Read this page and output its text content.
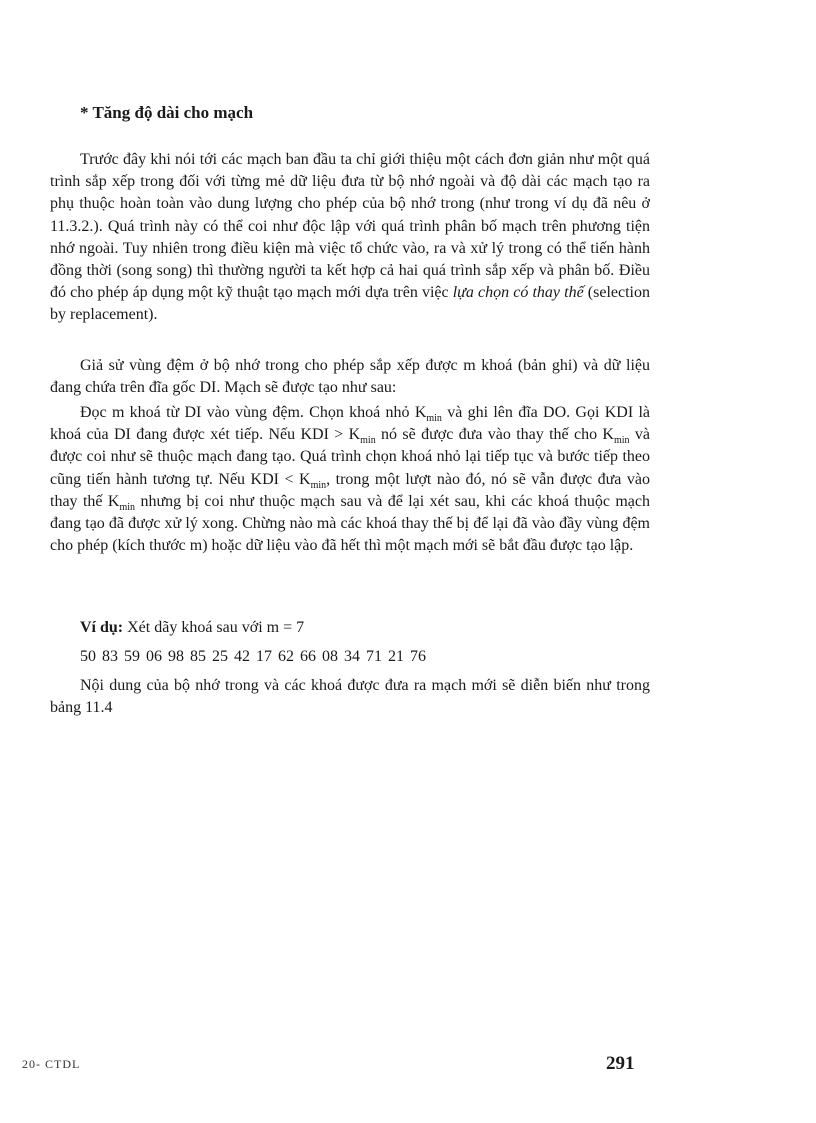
* Tăng độ dài cho mạch

Trước đây khi nói tới các mạch ban đầu ta chỉ giới thiệu một cách đơn giản như một quá trình sắp xếp trong đối với từng mẻ dữ liệu đưa từ bộ nhớ ngoài và độ dài các mạch tạo ra phụ thuộc hoàn toàn vào dung lượng cho phép của bộ nhớ trong (như trong ví dụ đã nêu ở 11.3.2.). Quá trình này có thể coi như độc lập với quá trình phân bố mạch trên phương tiện nhớ ngoài. Tuy nhiên trong điều kiện mà việc tổ chức vào, ra và xử lý trong có thể tiến hành đồng thời (song song) thì thường người ta kết hợp cả hai quá trình sắp xếp và phân bố. Điều đó cho phép áp dụng một kỹ thuật tạo mạch mới dựa trên việc lựa chọn có thay thế (selection by replacement).

Giả sử vùng đệm ở bộ nhớ trong cho phép sắp xếp được m khoá (bản ghi) và dữ liệu đang chứa trên đĩa gốc DI. Mạch sẽ được tạo như sau:

Đọc m khoá từ DI vào vùng đệm. Chọn khoá nhỏ $K_{min}$ và ghi lên đĩa DO. Gọi KDI là khoá của DI đang được xét tiếp. Nếu KDI > $K_{min}$ nó sẽ được đưa vào thay thế cho $K_{min}$ và được coi như sẽ thuộc mạch đang tạo. Quá trình chọn khoá nhỏ lại tiếp tục và bước tiếp theo cũng tiến hành tương tự. Nếu KDI < $K_{min}$, trong một lượt nào đó, nó sẽ vẫn được đưa vào thay thế $K_{min}$ nhưng bị coi như thuộc mạch sau và để lại xét sau, khi các khoá thuộc mạch đang tạo đã được xử lý xong. Chừng nào mà các khoá thay thế bị để lại đã vào đầy vùng đệm cho phép (kích thước m) hoặc dữ liệu vào đã hết thì một mạch mới sẽ bắt đầu được tạo lập.

Ví dụ: Xét dãy khoá sau với m = 7

50 83 59 06 98 85 25 42 17 62 66 08 34 71 21 76

Nội dung của bộ nhớ trong và các khoá được đưa ra mạch mới sẽ diễn biến như trong bảng 11.4

20- CTDL	291
